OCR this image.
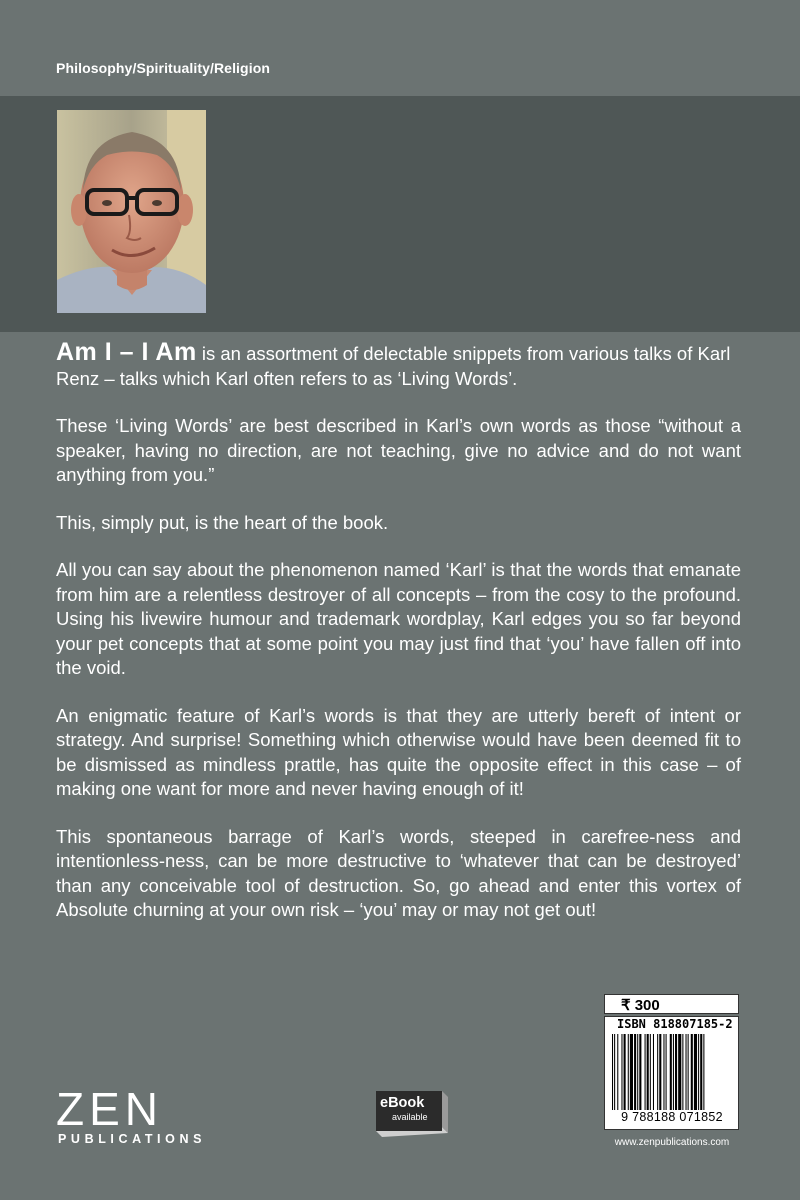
Philosophy/Spirituality/Religion

Am I – I Am is an assortment of delectable snippets from various talks of Karl Renz – talks which Karl often refers to as ‘Living Words’.

These ‘Living Words’ are best described in Karl’s own words as those “without a speaker, having no direction, are not teaching, give no advice and do not want anything from you.”

This, simply put, is the heart of the book.

All you can say about the phenomenon named ‘Karl’ is that the words that emanate from him are a relentless destroyer of all concepts – from the cosy to the profound. Using his livewire humour and trademark wordplay, Karl edges you so far beyond your pet concepts that at some point you may just find that ‘you’ have fallen off into the void.

An enigmatic feature of Karl’s words is that they are utterly bereft of intent or strategy. And surprise! Something which otherwise would have been deemed fit to be dismissed as mindless prattle, has quite the opposite effect in this case – of making one want for more and never having enough of it!

This spontaneous barrage of Karl’s words, steeped in carefree-ness and intentionless-ness, can be more destructive to ‘whatever that can be destroyed’ than any conceivable tool of destruction. So, go ahead and enter this vortex of Absolute churning at your own risk – ‘you’ may or may not get out!

₹ 300
ISBN 818807185-2
9 788188 071852
www.zenpublications.com
eBook
available
ZEN
PUBLICATIONS
